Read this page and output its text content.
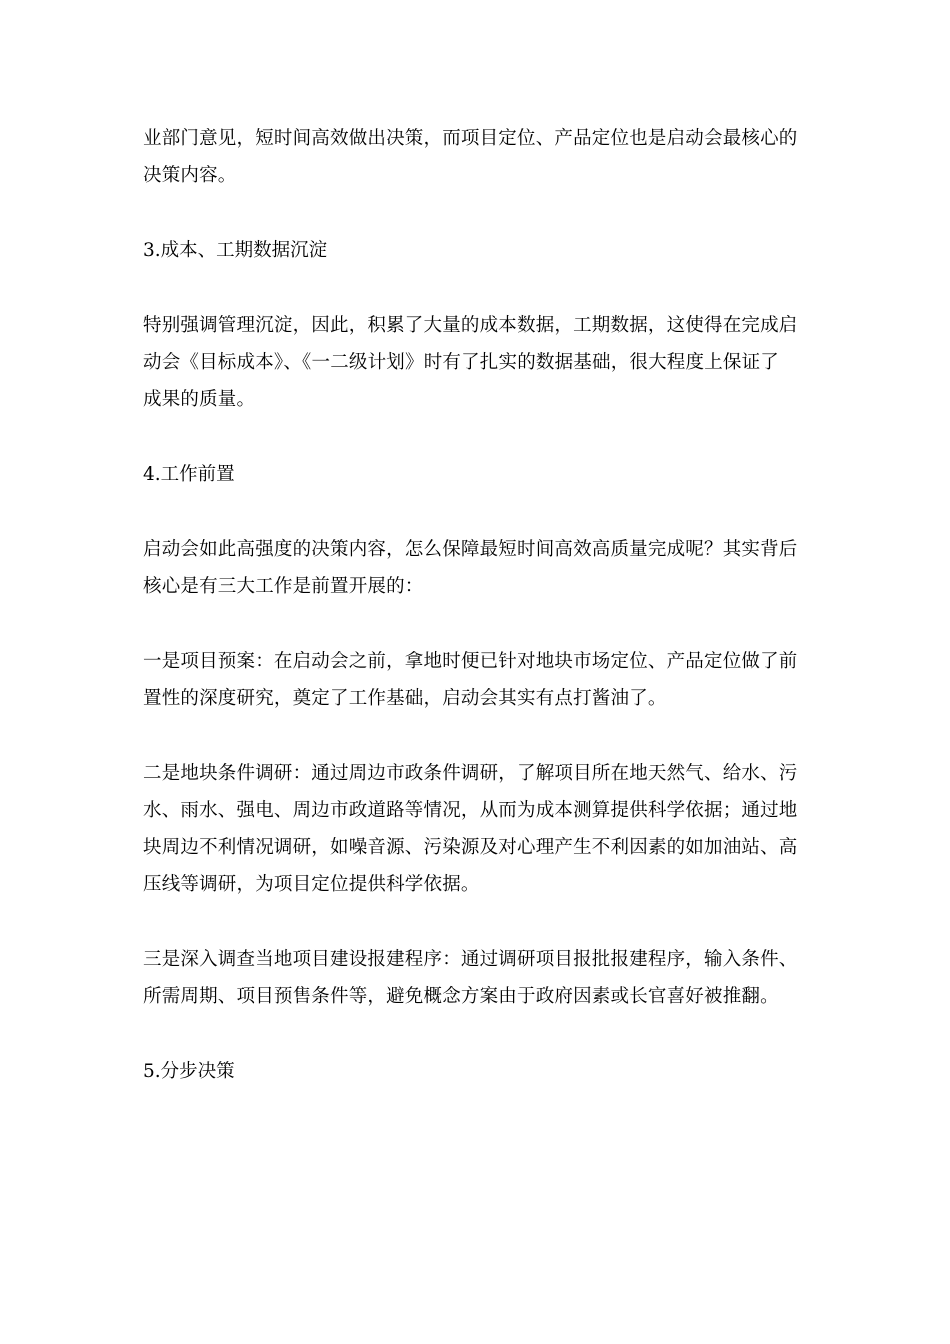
业部门意见，短时间高效做出决策，而项目定位、产品定位也是启动会最核心的
决策内容。
3.成本、工期数据沉淀
特别强调管理沉淀，因此，积累了大量的成本数据，工期数据，这使得在完成启
动会《目标成本》、《一二级计划》时有了扎实的数据基础，很大程度上保证了
成果的质量。
4.工作前置
启动会如此高强度的决策内容，怎么保障最短时间高效高质量完成呢？其实背后
核心是有三大工作是前置开展的：
一是项目预案：在启动会之前，拿地时便已针对地块市场定位、产品定位做了前
置性的深度研究，奠定了工作基础，启动会其实有点打酱油了。
二是地块条件调研：通过周边市政条件调研，了解项目所在地天然气、给水、污
水、雨水、强电、周边市政道路等情况，从而为成本测算提供科学依据；通过地
块周边不利情况调研，如噪音源、污染源及对心理产生不利因素的如加油站、高
压线等调研，为项目定位提供科学依据。
三是深入调查当地项目建设报建程序：通过调研项目报批报建程序，输入条件、
所需周期、项目预售条件等，避免概念方案由于政府因素或长官喜好被推翻。
5.分步决策
